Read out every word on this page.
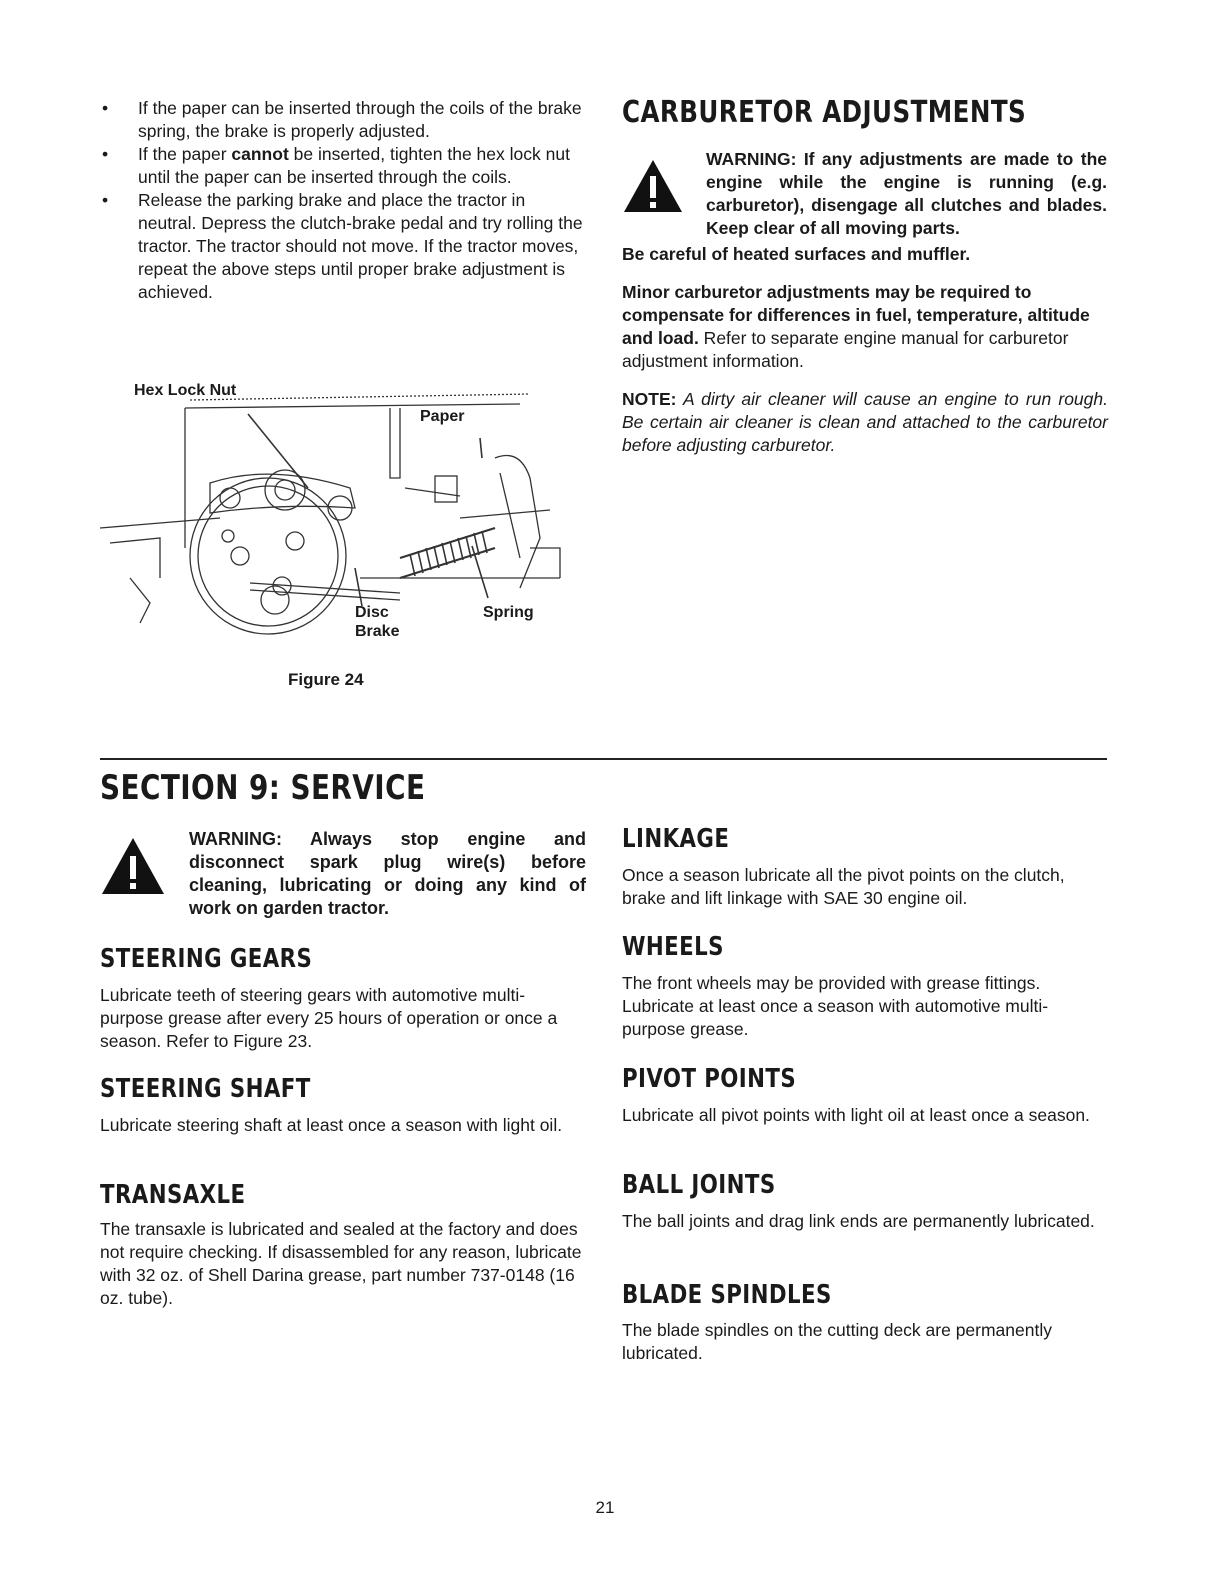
• If the paper can be inserted through the coils of the brake spring, the brake is properly adjusted.
• If the paper cannot be inserted, tighten the hex lock nut until the paper can be inserted through the coils.
• Release the parking brake and place the tractor in neutral. Depress the clutch-brake pedal and try rolling the tractor. The tractor should not move. If the tractor moves, repeat the above steps until proper brake adjustment is achieved.
Hex Lock Nut
Paper
Disc
Brake
Spring
Figure 24
CARBURETOR ADJUSTMENTS
WARNING: If any adjustments are made to the engine while the engine is running (e.g. carburetor), disengage all clutches and blades. Keep clear of all moving parts.
Be careful of heated surfaces and muffler.
Minor carburetor adjustments may be required to compensate for differences in fuel, temperature, altitude and load. Refer to separate engine manual for carburetor adjustment information.
NOTE: A dirty air cleaner will cause an engine to run rough. Be certain air cleaner is clean and attached to the carburetor before adjusting carburetor.
SECTION 9: SERVICE
WARNING: Always stop engine and disconnect spark plug wire(s) before cleaning, lubricating or doing any kind of work on garden tractor.
STEERING GEARS
Lubricate teeth of steering gears with automotive multi-purpose grease after every 25 hours of operation or once a season. Refer to Figure 23.
STEERING SHAFT
Lubricate steering shaft at least once a season with light oil.
TRANSAXLE
The transaxle is lubricated and sealed at the factory and does not require checking. If disassembled for any reason, lubricate with 32 oz. of Shell Darina grease, part number 737-0148 (16 oz. tube).
LINKAGE
Once a season lubricate all the pivot points on the clutch, brake and lift linkage with SAE 30 engine oil.
WHEELS
The front wheels may be provided with grease fittings. Lubricate at least once a season with automotive multi-purpose grease.
PIVOT POINTS
Lubricate all pivot points with light oil at least once a season.
BALL JOINTS
The ball joints and drag link ends are permanently lubricated.
BLADE SPINDLES
The blade spindles on the cutting deck are permanently lubricated.
21
